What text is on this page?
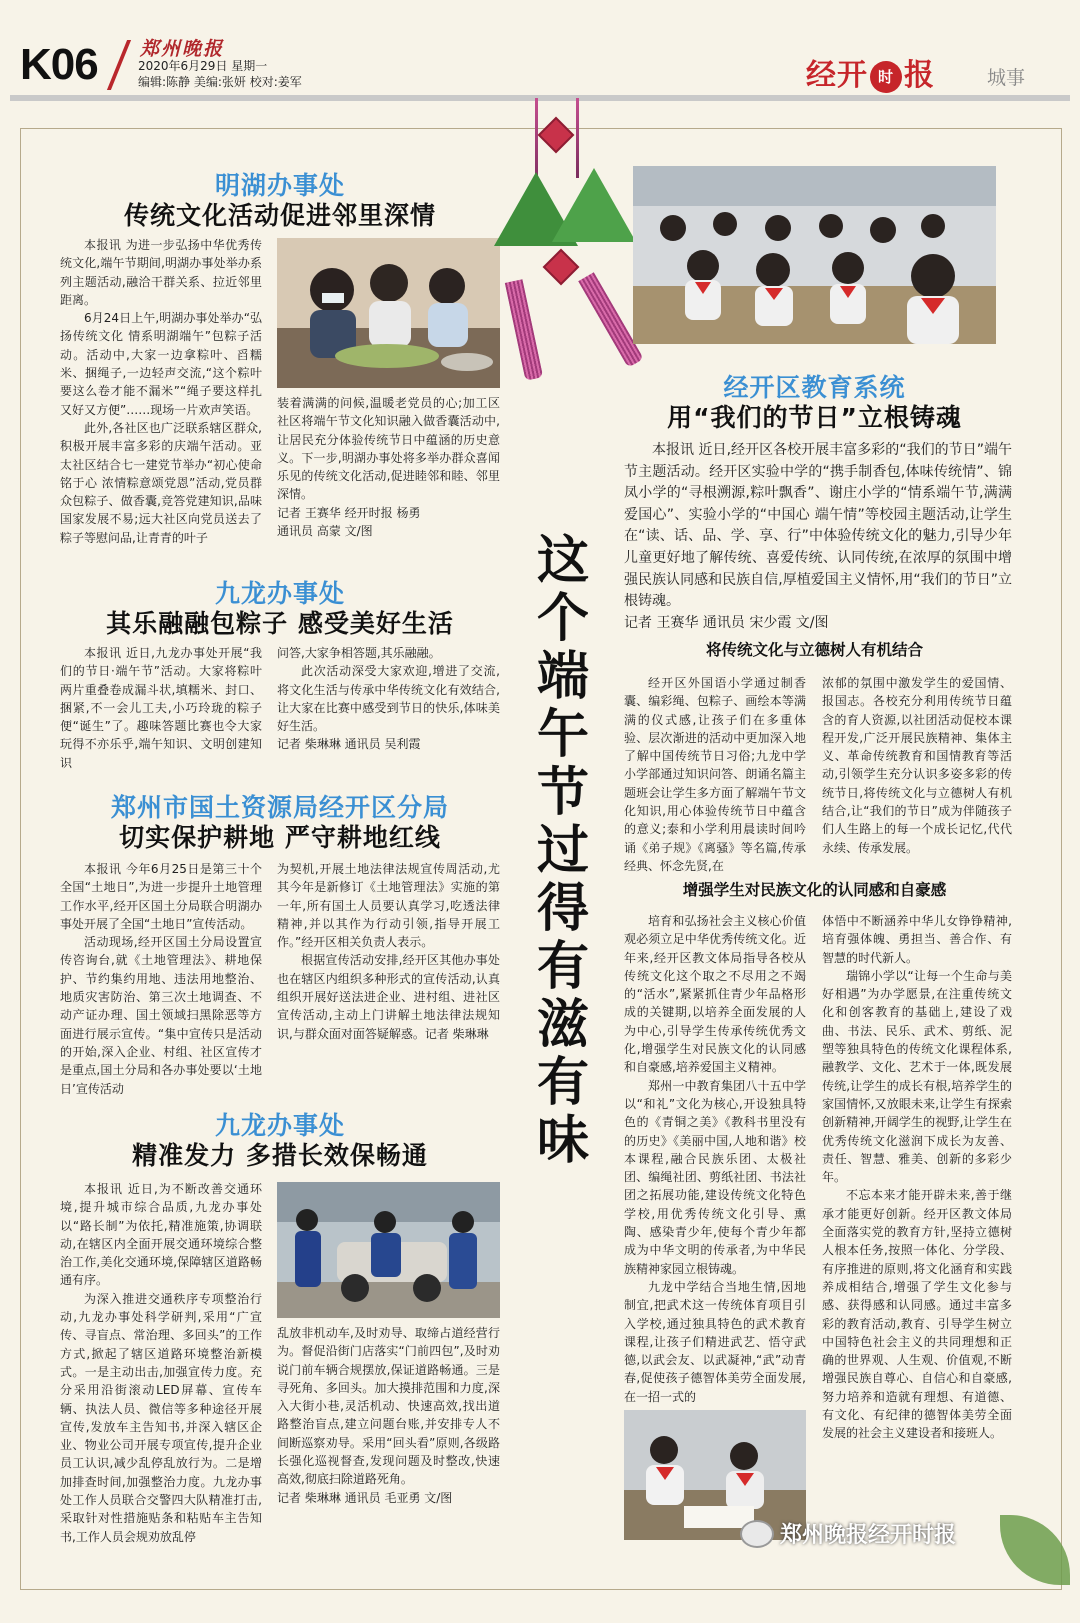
K06 郑州晚报
2020年6月29日 星期一
编辑:陈静 美编:张妍 校对:姜军	经开 时 报	城事
明湖办事处
传统文化活动促进邻里深情

本报讯 为进一步弘扬中华优秀传统文化,端午节期间,明湖办事处举办系列主题活动,融洽干群关系、拉近邻里距离。

6月24日上午,明湖办事处举办“弘扬传统文化 情系明湖端午”包粽子活动。活动中,大家一边拿粽叶、舀糯米、捆绳子,一边轻声交流,“这个粽叶要这么卷才能不漏米”“绳子要这样扎又好又方便”……现场一片欢声笑语。

此外,各社区也广泛联系辖区群众,积极开展丰富多彩的庆端午活动。亚太社区结合七一建党节举办“初心使命铭于心 浓情粽意颂党恩”活动,党员群众包粽子、做香囊,竞答党建知识,品味国家发展不易;远大社区向党员送去了粽子等慰问品,让青青的叶子

装着满满的问候,温暖老党员的心;加工区社区将端午节文化知识融入做香囊活动中,让居民充分体验传统节日中蕴涵的历史意义。下一步,明湖办事处将多举办群众喜闻乐见的传统文化活动,促进睦邻和睦、邻里深情。

记者 王赛华 经开时报 杨勇

通讯员 高蒙 文/图

九龙办事处
其乐融融包粽子 感受美好生活

本报讯 近日,九龙办事处开展“我们的节日·端午节”活动。大家将粽叶两片重叠卷成漏斗状,填糯米、封口、捆紧,不一会儿工夫,小巧玲珑的粽子便“诞生”了。趣味答题比赛也令大家玩得不亦乐乎,端午知识、文明创建知识

问答,大家争相答题,其乐融融。

此次活动深受大家欢迎,增进了交流,将文化生活与传承中华传统文化有效结合,让大家在比赛中感受到节日的快乐,体味美好生活。

记者 柴琳琳 通讯员 吴利霞

郑州市国土资源局经开区分局
切实保护耕地 严守耕地红线

本报讯 今年6月25日是第三十个全国“土地日”,为进一步提升土地管理工作水平,经开区国土分局联合明湖办事处开展了全国“土地日”宣传活动。

活动现场,经开区国土分局设置宣传咨询台,就《土地管理法》、耕地保护、节约集约用地、违法用地整治、地质灾害防治、第三次土地调查、不动产证办理、国土领域扫黑除恶等方面进行展示宣传。“集中宣传只是活动的开始,深入企业、村组、社区宣传才是重点,国土分局和各办事处要以‘土地日’宣传活动

为契机,开展土地法律法规宣传周活动,尤其今年是新修订《土地管理法》实施的第一年,所有国土人员要认真学习,吃透法律精神,并以其作为行动引领,指导开展工作。”经开区相关负责人表示。

根据宣传活动安排,经开区其他办事处也在辖区内组织多种形式的宣传活动,认真组织开展好送法进企业、进村组、进社区宣传活动,主动上门讲解土地法律法规知识,与群众面对面答疑解惑。记者 柴琳琳

九龙办事处
精准发力 多措长效保畅通

本报讯 近日,为不断改善交通环境,提升城市综合品质,九龙办事处以“路长制”为依托,精准施策,协调联动,在辖区内全面开展交通环境综合整治工作,美化交通环境,保障辖区道路畅通有序。

为深入推进交通秩序专项整治行动,九龙办事处科学研判,采用“广宣传、寻盲点、常治理、多回头”的工作方式,掀起了辖区道路环境整治新模式。一是主动出击,加强宣传力度。充分采用沿街滚动LED屏幕、宣传车辆、执法人员、微信等多种途径开展宣传,发放车主告知书,并深入辖区企业、物业公司开展专项宣传,提升企业员工认识,减少乱停乱放行为。二是增加排查时间,加强整治力度。九龙办事处工作人员联合交警四大队精准打击,采取针对性措施贴条和粘贴车主告知书,工作人员会规劝放乱停

乱放非机动车,及时劝导、取缔占道经营行为。督促沿街门店落实“门前四包”,及时劝说门前车辆合规摆放,保证道路畅通。三是寻死角、多回头。加大摸排范围和力度,深入大街小巷,灵活机动、快速高效,找出道路整治盲点,建立问题台账,并安排专人不间断巡察劝导。采用“回头看”原则,各级路长强化巡视督查,发现问题及时整改,快速高效,彻底扫除道路死角。

记者 柴琳琳 通讯员 毛亚勇 文/图

这个端午节过得有滋有味
经开区教育系统
用“我们的节日”立根铸魂

本报讯 近日,经开区各校开展丰富多彩的“我们的节日”端午节主题活动。经开区实验中学的“携手制香包,体味传统情”、锦凤小学的“寻根溯源,粽叶飘香”、谢庄小学的“情系端午节,满满爱国心”、实验小学的“中国心 端午情”等校园主题活动,让学生在“读、话、品、学、享、行”中体验传统文化的魅力,引导少年儿童更好地了解传统、喜爱传统、认同传统,在浓厚的氛围中增强民族认同感和民族自信,厚植爱国主义情怀,用“我们的节日”立根铸魂。

记者 王赛华 通讯员 宋少霞 文/图

将传统文化与立德树人有机结合

经开区外国语小学通过制香囊、编彩绳、包粽子、画绘本等满满的仪式感,让孩子们在多重体验、层次渐进的活动中更加深入地了解中国传统节日习俗;九龙中学小学部通过知识问答、朗诵名篇主题班会让学生多方面了解端午节文化知识,用心体验传统节日中蕴含的意义;泰和小学利用晨读时间吟诵《弟子规》《离骚》等名篇,传承经典、怀念先贤,在

浓郁的氛围中激发学生的爱国情、报国志。各校充分利用传统节日蕴含的育人资源,以社团活动促校本课程开发,广泛开展民族精神、集体主义、革命传统教育和国情教育等活动,引领学生充分认识多姿多彩的传统节日,将传统文化与立德树人有机结合,让“我们的节日”成为伴随孩子们人生路上的每一个成长记忆,代代永续、传承发展。

增强学生对民族文化的认同感和自豪感

培育和弘扬社会主义核心价值观必须立足中华优秀传统文化。近年来,经开区教文体局指导各校从传统文化这个取之不尽用之不竭的“活水”,紧紧抓住青少年品格形成的关键期,以培养全面发展的人为中心,引导学生传承传统优秀文化,增强学生对民族文化的认同感和自豪感,培养爱国主义精神。

郑州一中教育集团八十五中学以“和礼”文化为核心,开设独具特色的《青铜之美》《教科书里没有的历史》《美丽中国,人地和谐》校本课程,融合民族乐团、太极社团、编绳社团、剪纸社团、书法社团之拓展功能,建设传统文化特色学校,用优秀传统文化引导、熏陶、感染青少年,使每个青少年都成为中华文明的传承者,为中华民族精神家园立根铸魂。

九龙中学结合当地生情,因地制宜,把武术这一传统体育项目引入学校,通过独具特色的武术教育课程,让孩子们精进武艺、悟守武德,以武会友、以武凝神,“武”动青春,促使孩子德智体美劳全面发展,在一招一式的

体悟中不断涵养中华儿女铮铮精神,培育强体魄、勇担当、善合作、有智慧的时代新人。

瑞锦小学以“让每一个生命与美好相遇”为办学愿景,在注重传统文化和创客教育的基础上,建设了戏曲、书法、民乐、武术、剪纸、泥塑等独具特色的传统文化课程体系,融教学、文化、艺术于一体,既发展传统,让学生的成长有根,培养学生的家国情怀,又放眼未来,让学生有探索创新精神,开阔学生的视野,让学生在优秀传统文化滋润下成长为友善、责任、智慧、雅美、创新的多彩少年。

不忘本来才能开辟未来,善于继承才能更好创新。经开区教文体局全面落实党的教育方针,坚持立德树人根本任务,按照一体化、分学段、有序推进的原则,将文化涵育和实践养成相结合,增强了学生文化参与感、获得感和认同感。通过丰富多彩的教育活动,教育、引导学生树立中国特色社会主义的共同理想和正确的世界观、人生观、价值观,不断增强民族自尊心、自信心和自豪感,努力培养和造就有理想、有道德、有文化、有纪律的德智体美劳全面发展的社会主义建设者和接班人。

郑州晚报经开时报
